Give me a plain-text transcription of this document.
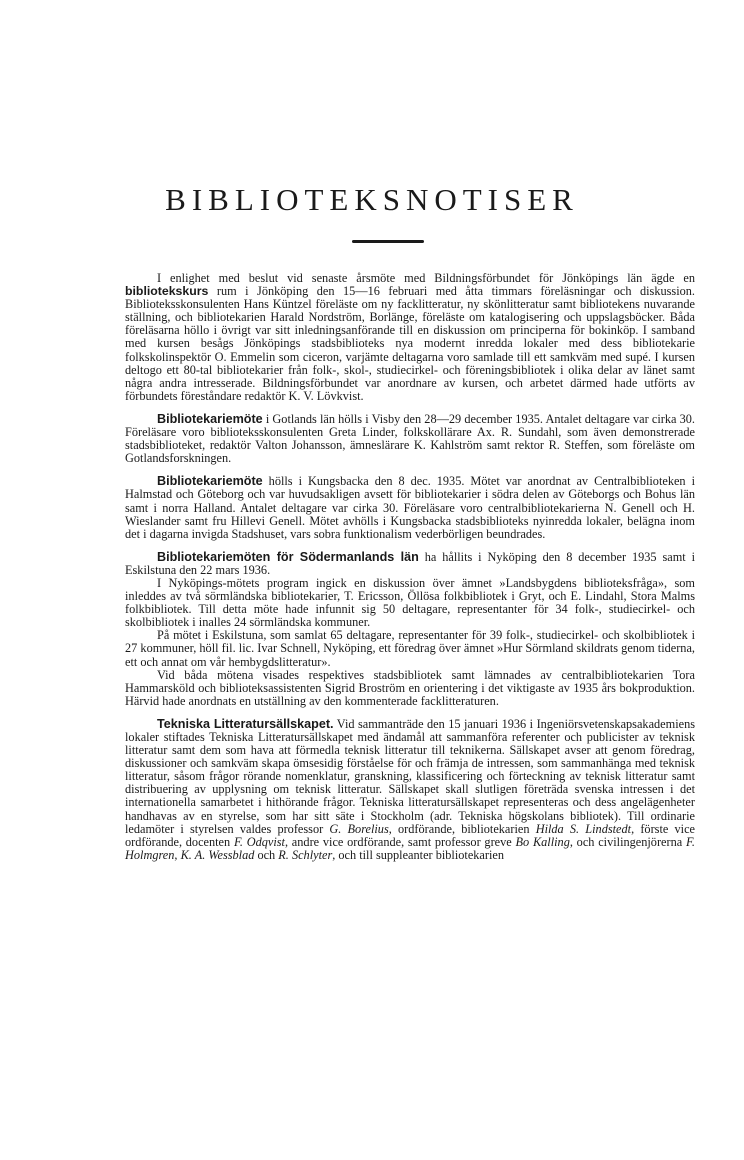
BIBLIOTEKSNOTISER

I enlighet med beslut vid senaste årsmöte med Bildningsförbundet för Jönköpings län ägde en bibliotekskurs rum i Jönköping den 15—16 februari med åtta timmars föreläsningar och diskussion. Biblioteksskonsulenten Hans Küntzel föreläste om ny facklitteratur, ny skönlitteratur samt bibliotekens nuvarande ställning, och bibliotekarien Harald Nordström, Borlänge, föreläste om katalogisering och uppslagsböcker. Båda föreläsarna höllo i övrigt var sitt inledningsanförande till en diskussion om principerna för bokinköp. I samband med kursen besågs Jönköpings stadsbiblioteks nya modernt inredda lokaler med dess bibliotekarie folkskolinspektör O. Emmelin som ciceron, varjämte deltagarna voro samlade till ett samkväm med supé. I kursen deltogo ett 80-tal bibliotekarier från folk-, skol-, studiecirkel- och föreningsbibliotek i olika delar av länet samt några andra intresserade. Bildningsförbundet var anordnare av kursen, och arbetet därmed hade utförts av förbundets föreståndare redaktör K. V. Lövkvist.

Bibliotekariemöte i Gotlands län hölls i Visby den 28—29 december 1935. Antalet deltagare var cirka 30. Föreläsare voro biblioteksskonsulenten Greta Linder, folkskollärare Ax. R. Sundahl, som även demonstrerade stadsbiblioteket, redaktör Valton Johansson, ämneslärare K. Kahlström samt rektor R. Steffen, som föreläste om Gotlandsforskningen.

Bibliotekariemöte hölls i Kungsbacka den 8 dec. 1935. Mötet var anordnat av Centralbiblioteken i Halmstad och Göteborg och var huvudsakligen avsett för bibliotekarier i södra delen av Göteborgs och Bohus län samt i norra Halland. Antalet deltagare var cirka 30. Föreläsare voro centralbibliotekarierna N. Genell och H. Wieslander samt fru Hillevi Genell. Mötet avhölls i Kungsbacka stadsbiblioteks nyinredda lokaler, belägna inom det i dagarna invigda Stadshuset, vars sobra funktionalism vederbörligen beundrades.

Bibliotekariemöten för Södermanlands län ha hållits i Nyköping den 8 december 1935 samt i Eskilstuna den 22 mars 1936.

I Nyköpings-mötets program ingick en diskussion över ämnet »Landsbygdens biblioteksfråga», som inleddes av två sörmländska bibliotekarier, T. Ericsson, Öllösa folkbibliotek i Gryt, och E. Lindahl, Stora Malms folkbibliotek. Till detta möte hade infunnit sig 50 deltagare, representanter för 34 folk-, studiecirkel- och skolbibliotek i inalles 24 sörmländska kommuner.

På mötet i Eskilstuna, som samlat 65 deltagare, representanter för 39 folk-, studiecirkel- och skolbibliotek i 27 kommuner, höll fil. lic. Ivar Schnell, Nyköping, ett föredrag över ämnet »Hur Sörmland skildrats genom tiderna, ett och annat om vår hembygdslitteratur».

Vid båda mötena visades respektives stadsbibliotek samt lämnades av centralbibliotekarien Tora Hammarsköld och biblioteksassistenten Sigrid Broström en orientering i det viktigaste av 1935 års bokproduktion. Härvid hade anordnats en utställning av den kommenterade facklitteraturen.

Tekniska Litteratursällskapet. Vid sammanträde den 15 januari 1936 i Ingeniörsvetenskapsakademiens lokaler stiftades Tekniska Litteratursällskapet med ändamål att sammanföra referenter och publicister av teknisk litteratur samt dem som hava att förmedla teknisk litteratur till teknikerna. Sällskapet avser att genom föredrag, diskussioner och samkväm skapa ömsesidig förståelse för och främja de intressen, som sammanhänga med teknisk litteratur, såsom frågor rörande nomenklatur, granskning, klassificering och förteckning av teknisk litteratur samt distribuering av upplysning om teknisk litteratur. Sällskapet skall slutligen företräda svenska intressen i det internationella samarbetet i hithörande frågor. Tekniska litteratursällskapet representeras och dess angelägenheter handhavas av en styrelse, som har sitt säte i Stockholm (adr. Tekniska högskolans bibliotek). Till ordinarie ledamöter i styrelsen valdes professor G. Borelius, ordförande, bibliotekarien Hilda S. Lindstedt, förste vice ordförande, docenten F. Odqvist, andre vice ordförande, samt professor greve Bo Kalling, och civilingenjörerna F. Holmgren, K. A. Wessblad och R. Schlyter, och till suppleanter bibliotekarien
